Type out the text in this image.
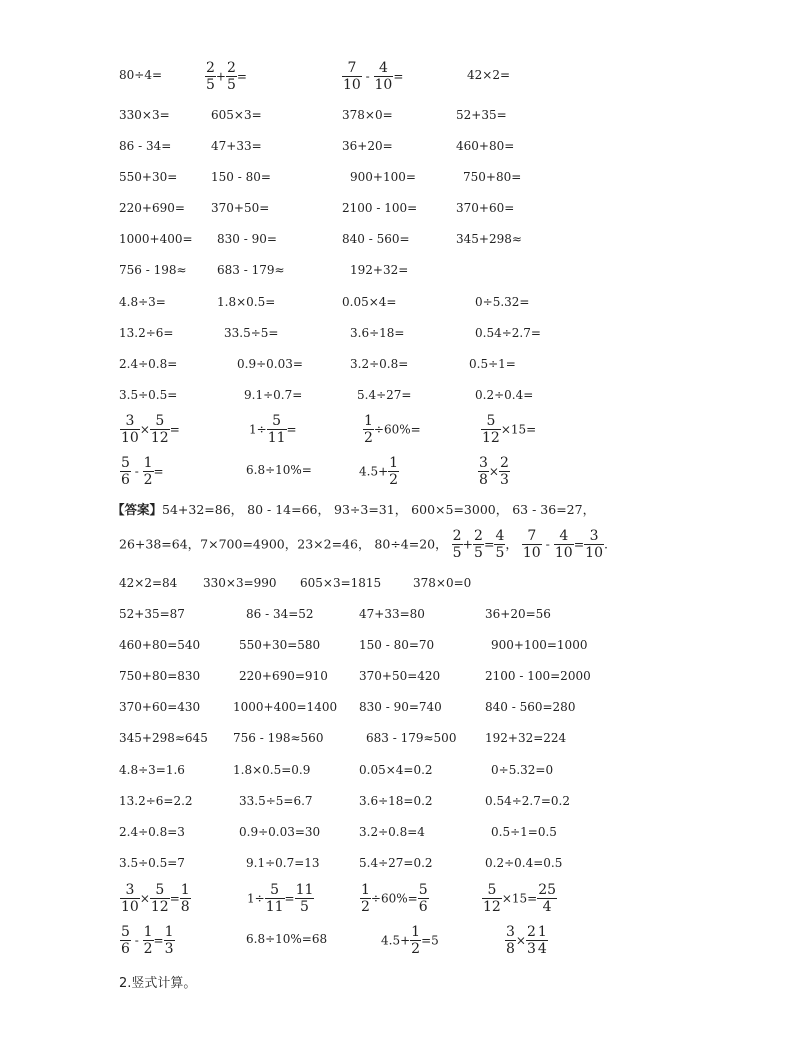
80÷4=	$\frac{2}{5} + \frac{2}{5}$ =	$\frac{7}{10} - \frac{4}{10}$ =	42×2=
330×3=	605×3=	378×0=	52+35=
86 - 34=	47+33=	36+20=	460+80=
550+30=	150 - 80=	900+100=	750+80=
220+690= 370+50=	2100 - 100=	370+60=
1000+400= 830 - 90=	840 - 560=	345+298≈
756 - 198≈	683 - 179≈	192+32=
4.8÷3=	1.8×0.5=	0.05×4=	0÷5.32=
13.2÷6=	33.5÷5=	3.6÷18=	0.54÷2.7=
2.4÷0.8=	0.9÷0.03=	3.2÷0.8=	0.5÷1=
3.5÷0.5=	9.1÷0.7=	5.4÷27=	0.2÷0.4=
$\frac{3}{10} \times \frac{5}{12}$ =	$1\div \frac{5}{11}$ =	$\frac{1}{2} \div 60\%=$	$\frac{5}{12} \times 15=$
$\frac{5}{6} - \frac{1}{2}$ =	6.8÷10%=	$4.5+ \frac{1}{2}$	$\frac{3}{8} \times \frac{2}{3}$
【答案】54+32=86， 80 - 14=66， 93÷3=31， 600×5=3000， 63 - 36=27，
26+38=64，7×700=4900，23×2=46， 80÷4=20， $\frac{2}{5} + \frac{2}{5} = \frac{4}{5}$ ， $\frac{7}{10} - \frac{4}{10} = \frac{3}{10}$ .
42×2=84 330×3=990 605×3=1815	378×0=0
52+35=87	86 - 34=52	47+33=80	36+20=56
460+80=540	550+30=580	150 - 80=70	900+100=1000
750+80=830	220+690=910	370+50=420	2100 - 100=2000
370+60=430	1000+400=1400 830 - 90=740	840 - 560=280
345+298≈645 756 - 198≈560	683 - 179≈500 192+32=224
4.8÷3=1.6	1.8×0.5=0.9	0.05×4=0.2	0÷5.32=0
13.2÷6=2.2	33.5÷5=6.7	3.6÷18=0.2	0.54÷2.7=0.2
2.4÷0.8=3	0.9÷0.03=30	3.2÷0.8=4	0.5÷1=0.5
3.5÷0.5=7	9.1÷0.7=13	5.4÷27=0.2	0.2÷0.4=0.5
$\frac{3}{10} \times \frac{5}{12} = \frac{1}{8}$	$1\div \frac{5}{11} = \frac{11}{5}$	$\frac{1}{2} \div 60\%= \frac{5}{6}$	$\frac{5}{12} \times 15= \frac{25}{4}$
$\frac{5}{6} - \frac{1}{2} = \frac{1}{3}$	6.8÷10%=68	$4.5+ \frac{1}{2} =5$	$\frac{3}{8} \times \frac{2}{3} \frac{1}{4}$
2.竖式计算。
